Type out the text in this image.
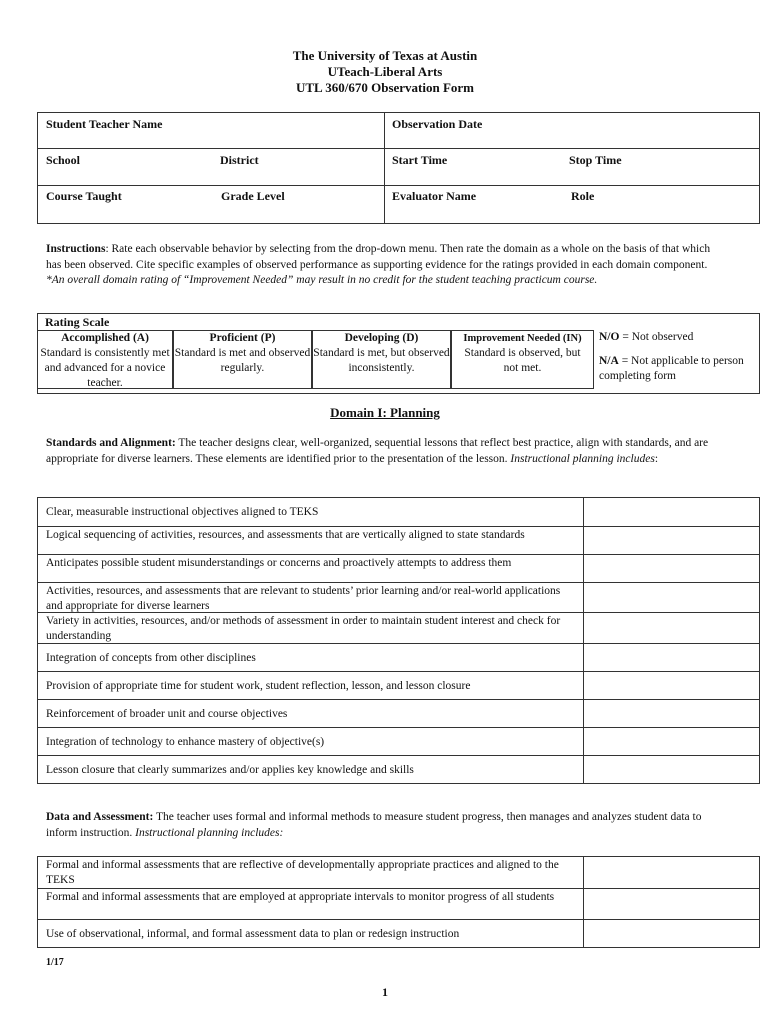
The University of Texas at Austin
UTeach-Liberal Arts
UTL 360/670 Observation Form
Student Teacher Name	Observation Date
School	District	Start Time	Stop Time
Course Taught	Grade Level	Evaluator Name	Role
Instructions: Rate each observable behavior by selecting from the drop-down menu. Then rate the domain as a whole on the basis of that which has been observed. Cite specific examples of observed performance as supporting evidence for the ratings provided in each domain component. *An overall domain rating of “Improvement Needed” may result in no credit for the student teaching practicum course.
Rating Scale
Accomplished (A)
Standard is consistently met and advanced for a novice teacher.
Proficient (P)
Standard is met and observed regularly.
Developing (D)
Standard is met, but observed inconsistently.
Improvement Needed (IN)
Standard is observed, but not met.
N/O = Not observed
N/A = Not applicable to person completing form
Domain I: Planning
Standards and Alignment: The teacher designs clear, well-organized, sequential lessons that reflect best practice, align with standards, and are appropriate for diverse learners. These elements are identified prior to the presentation of the lesson. Instructional planning includes:
Clear, measurable instructional objectives aligned to TEKS
Logical sequencing of activities, resources, and assessments that are vertically aligned to state standards
Anticipates possible student misunderstandings or concerns and proactively attempts to address them
Activities, resources, and assessments that are relevant to students’ prior learning and/or real-world applications and appropriate for diverse learners
Variety in activities, resources, and/or methods of assessment in order to maintain student interest and check for understanding
Integration of concepts from other disciplines
Provision of appropriate time for student work, student reflection, lesson, and lesson closure
Reinforcement of broader unit and course objectives
Integration of technology to enhance mastery of objective(s)
Lesson closure that clearly summarizes and/or applies key knowledge and skills
Data and Assessment: The teacher uses formal and informal methods to measure student progress, then manages and analyzes student data to inform instruction. Instructional planning includes:
Formal and informal assessments that are reflective of developmentally appropriate practices and aligned to the TEKS
Formal and informal assessments that are employed at appropriate intervals to monitor progress of all students
Use of observational, informal, and formal assessment data to plan or redesign instruction
1/17
1
